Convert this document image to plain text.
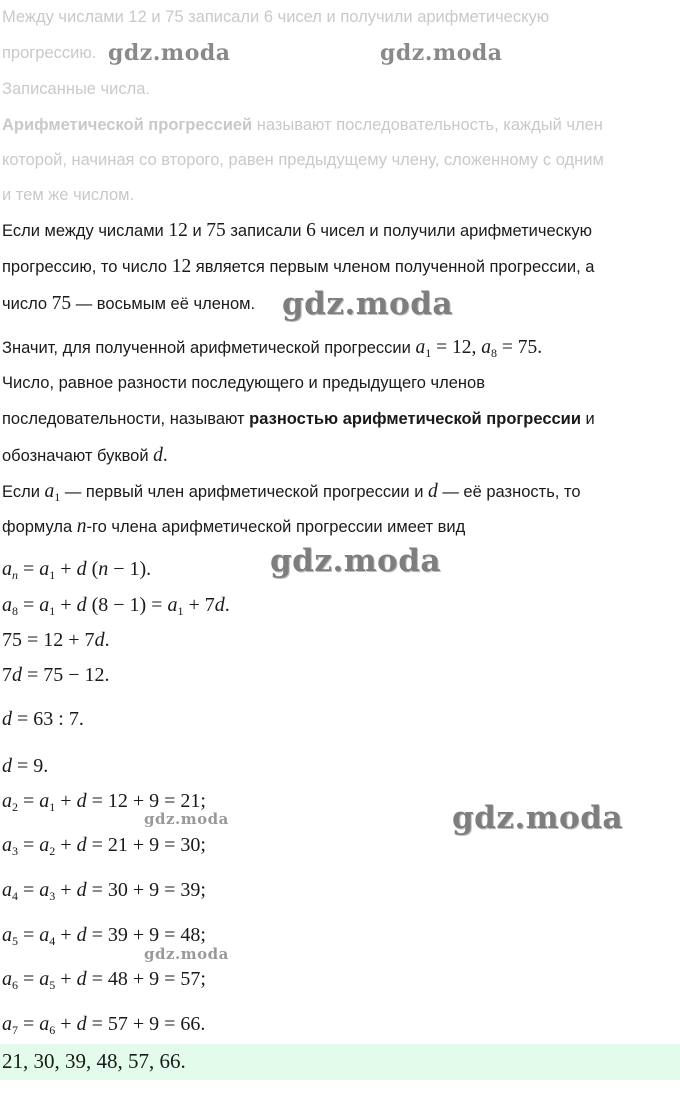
Между числами 12 и 75 записали 6 чисел и получили арифметическую
прогрессию.
Записанные числа.
Арифметической прогрессией называют последовательность, каждый член
которой, начиная со второго, равен предыдущему члену, сложенному с одним
и тем же числом.
Если между числами 12 и 75 записали 6 чисел и получили арифметическую
прогрессию, то число 12 является первым членом полученной прогрессии, а
число 75 — восьмым её членом.
Значит, для полученной арифметической прогрессии $a_1 = 12$, $a_8 = 75$.
Число, равное разности последующего и предыдущего членов
последовательности, называют разностью арифметической прогрессии и
обозначают буквой d.
Если $a_1$ — первый член арифметической прогрессии и d — её разность, то
формула n-го члена арифметической прогрессии имеет вид
$a_n = a_1 + d$ (n − 1).
$a_8 = a_1 + d$ $(8 - 1) = a_1 + 7d$.
75 = 12 + 7d.
7d = 75 − 12.
d = 63 : 7.
d = 9.
$a_2 = a_1 + d = 12 + 9 = 21$;
$a_3 = a_2 + d = 21 + 9 = 30$;
$a_4 = a_3 + d = 30 + 9 = 39$;
$a_5 = a_4 + d = 39 + 9 = 48$;
$a_6 = a_5 + d = 48 + 9 = 57$;
$a_7 = a_6 + d = 57 + 9 = 66$.
21, 30, 39, 48, 57, 66.
gdz.moda	gdz.moda
gdz.moda
gdz.moda
gdz.moda
gdz.moda
gdz.moda
